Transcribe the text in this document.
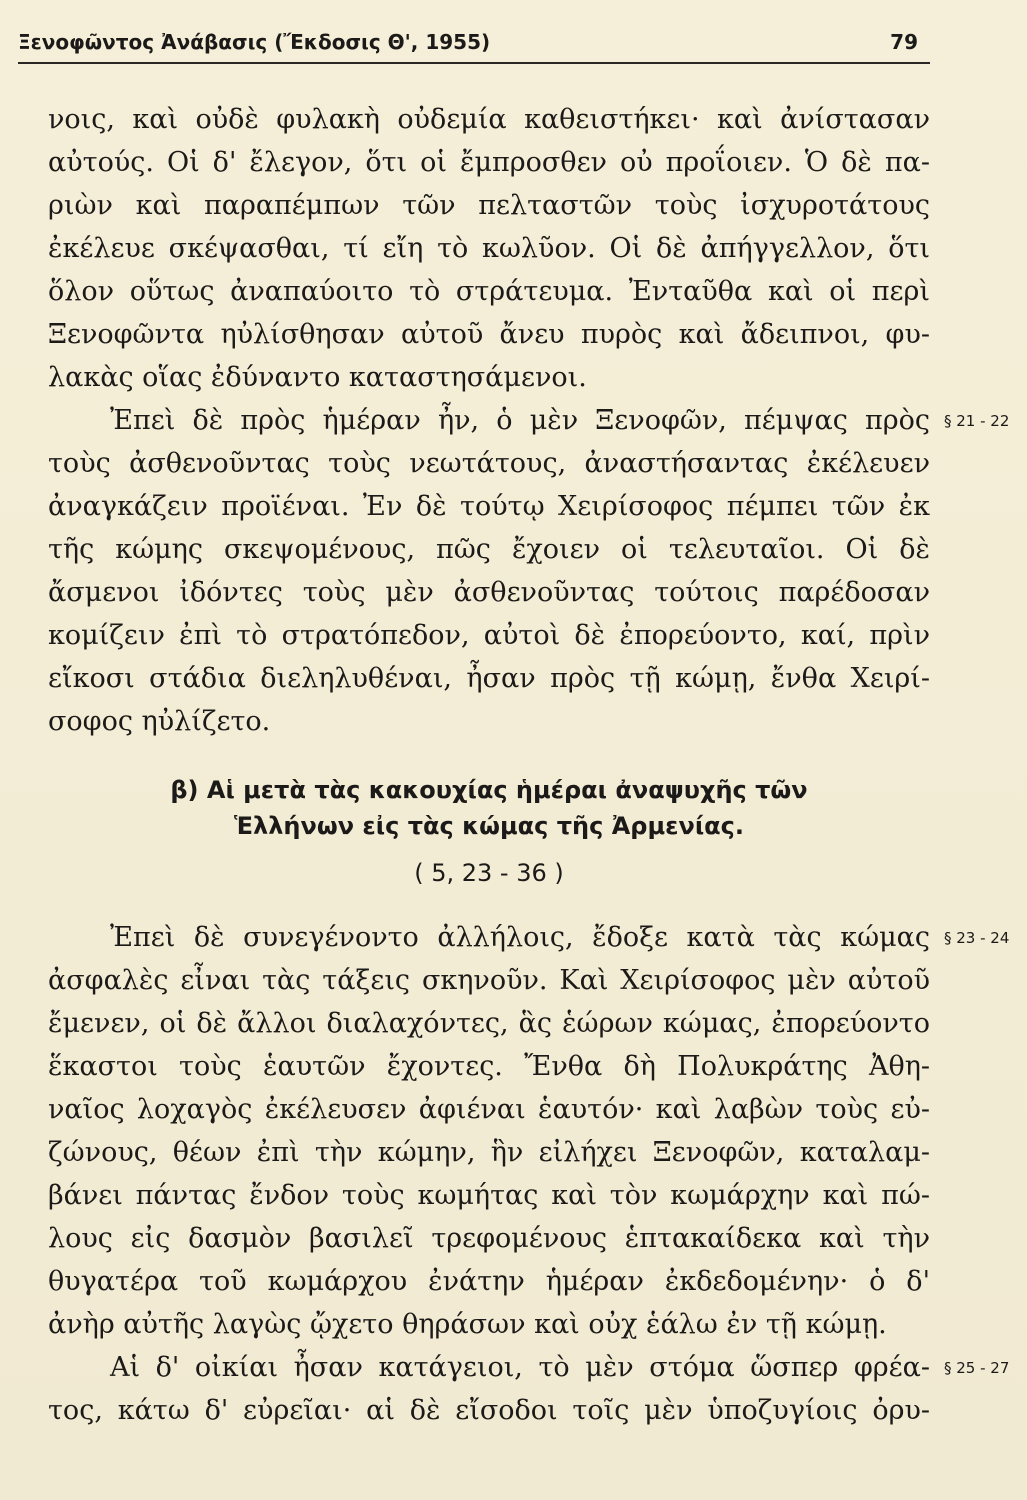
Ξενοφῶντος Ἀνάβασις (Ἔκδοσις Θ', 1955)	79
νοις, καὶ οὐδὲ φυλακὴ οὐδεμία καθειστήκει· καὶ ἀνίστασαν
αὐτούς. Οἱ δ' ἔλεγον, ὅτι οἱ ἔμπροσθεν οὐ προΐοιεν. Ὁ δὲ πα-
ριὼν καὶ παραπέμπων τῶν πελταστῶν τοὺς ἰσχυροτάτους
ἐκέλευε σκέψασθαι, τί εἴη τὸ κωλῦον. Οἱ δὲ ἀπήγγελλον, ὅτι
ὅλον οὕτως ἀναπαύοιτο τὸ στράτευμα. Ἐνταῦθα καὶ οἱ περὶ
Ξενοφῶντα ηὐλίσθησαν αὐτοῦ ἄνευ πυρὸς καὶ ἄδειπνοι, φυ-
λακὰς οἵας ἐδύναντο καταστησάμενοι.
Ἐπεὶ δὲ πρὸς ἡμέραν ἦν, ὁ μὲν Ξενοφῶν, πέμψας πρὸς § 21 - 22
τοὺς ἀσθενοῦντας τοὺς νεωτάτους, ἀναστήσαντας ἐκέλευεν
ἀναγκάζειν προϊέναι. Ἐν δὲ τούτῳ Χειρίσοφος πέμπει τῶν ἐκ
τῆς κώμης σκεψομένους, πῶς ἔχοιεν οἱ τελευταῖοι. Οἱ δὲ
ἄσμενοι ἰδόντες τοὺς μὲν ἀσθενοῦντας τούτοις παρέδοσαν
κομίζειν ἐπὶ τὸ στρατόπεδον, αὐτοὶ δὲ ἐπορεύοντο, καί, πρὶν
εἴκοσι στάδια διεληλυθέναι, ἦσαν πρὸς τῇ κώμῃ, ἔνθα Χειρί-
σοφος ηὐλίζετο.
β) Αἱ μετὰ τὰς κακουχίας ἡμέραι ἀναψυχῆς τῶν
Ἑλλήνων εἰς τὰς κώμας τῆς Ἀρμενίας.
( 5, 23 - 36 )
Ἐπεὶ δὲ συνεγένοντο ἀλλήλοις, ἔδοξε κατὰ τὰς κώμας § 23 - 24
ἀσφαλὲς εἶναι τὰς τάξεις σκηνοῦν. Καὶ Χειρίσοφος μὲν αὐτοῦ
ἔμενεν, οἱ δὲ ἄλλοι διαλαχόντες, ἃς ἑώρων κώμας, ἐπορεύοντο
ἕκαστοι τοὺς ἑαυτῶν ἔχοντες. Ἔνθα δὴ Πολυκράτης Ἀθη-
ναῖος λοχαγὸς ἐκέλευσεν ἀφιέναι ἑαυτόν· καὶ λαβὼν τοὺς εὐ-
ζώνους, θέων ἐπὶ τὴν κώμην, ἣν εἰλήχει Ξενοφῶν, καταλαμ-
βάνει πάντας ἔνδον τοὺς κωμήτας καὶ τὸν κωμάρχην καὶ πώ-
λους εἰς δασμὸν βασιλεῖ τρεφομένους ἑπτακαίδεκα καὶ τὴν
θυγατέρα τοῦ κωμάρχου ἐνάτην ἡμέραν ἐκδεδομένην· ὁ δ'
ἀνὴρ αὐτῆς λαγὼς ᾤχετο θηράσων καὶ οὐχ ἑάλω ἐν τῇ κώμῃ.
Αἱ δ' οἰκίαι ἦσαν κατάγειοι, τὸ μὲν στόμα ὥσπερ φρέα- § 25 - 27
τος, κάτω δ' εὐρεῖαι· αἱ δὲ εἴσοδοι τοῖς μὲν ὑποζυγίοις ὀρυ-
